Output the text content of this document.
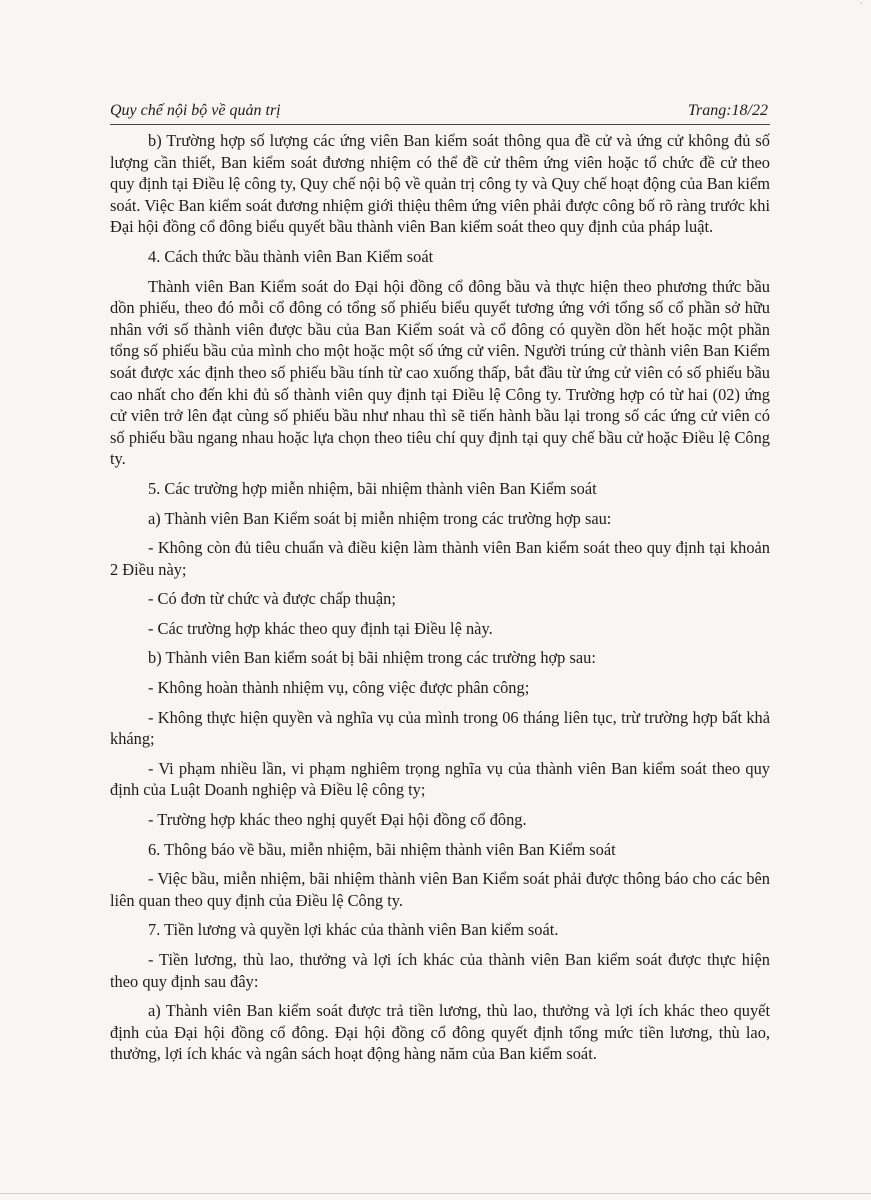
`
Quy chế nội bộ về quản trị	Trang:18/22

b) Trường hợp số lượng các ứng viên Ban kiểm soát thông qua đề cử và ứng cử không đủ số lượng cần thiết, Ban kiểm soát đương nhiệm có thể đề cử thêm ứng viên hoặc tổ chức đề cử theo quy định tại Điều lệ công ty, Quy chế nội bộ về quản trị công ty và Quy chế hoạt động của Ban kiểm soát. Việc Ban kiểm soát đương nhiệm giới thiệu thêm ứng viên phải được công bố rõ ràng trước khi Đại hội đồng cổ đông biểu quyết bầu thành viên Ban kiểm soát theo quy định của pháp luật.

4. Cách thức bầu thành viên Ban Kiểm soát

Thành viên Ban Kiểm soát do Đại hội đồng cổ đông bầu và thực hiện theo phương thức bầu dồn phiếu, theo đó mỗi cổ đông có tổng số phiếu biểu quyết tương ứng với tổng số cổ phần sở hữu nhân với số thành viên được bầu của Ban Kiểm soát và cổ đông có quyền dồn hết hoặc một phần tổng số phiếu bầu của mình cho một hoặc một số ứng cử viên. Người trúng cử thành viên Ban Kiểm soát được xác định theo số phiếu bầu tính từ cao xuống thấp, bắt đầu từ ứng cử viên có số phiếu bầu cao nhất cho đến khi đủ số thành viên quy định tại Điều lệ Công ty. Trường hợp có từ hai (02) ứng cử viên trở lên đạt cùng số phiếu bầu như nhau thì sẽ tiến hành bầu lại trong số các ứng cử viên có số phiếu bầu ngang nhau hoặc lựa chọn theo tiêu chí quy định tại quy chế bầu cử hoặc Điều lệ Công ty.

5. Các trường hợp miễn nhiệm, bãi nhiệm thành viên Ban Kiểm soát

a) Thành viên Ban Kiểm soát bị miễn nhiệm trong các trường hợp sau:

- Không còn đủ tiêu chuẩn và điều kiện làm thành viên Ban kiểm soát theo quy định tại khoản 2 Điều này;

- Có đơn từ chức và được chấp thuận;

- Các trường hợp khác theo quy định tại Điều lệ này.

b) Thành viên Ban kiểm soát bị bãi nhiệm trong các trường hợp sau:

- Không hoàn thành nhiệm vụ, công việc được phân công;

- Không thực hiện quyền và nghĩa vụ của mình trong 06 tháng liên tục, trừ trường hợp bất khả kháng;

- Vi phạm nhiều lần, vi phạm nghiêm trọng nghĩa vụ của thành viên Ban kiểm soát theo quy định của Luật Doanh nghiệp và Điều lệ công ty;

- Trường hợp khác theo nghị quyết Đại hội đồng cổ đông.

6. Thông báo về bầu, miễn nhiệm, bãi nhiệm thành viên Ban Kiểm soát

- Việc bầu, miễn nhiệm, bãi nhiệm thành viên Ban Kiểm soát phải được thông báo cho các bên liên quan theo quy định của Điều lệ Công ty.

7. Tiền lương và quyền lợi khác của thành viên Ban kiểm soát.

- Tiền lương, thù lao, thưởng và lợi ích khác của thành viên Ban kiểm soát được thực hiện theo quy định sau đây:

a) Thành viên Ban kiểm soát được trả tiền lương, thù lao, thưởng và lợi ích khác theo quyết định của Đại hội đồng cổ đông. Đại hội đồng cổ đông quyết định tổng mức tiền lương, thù lao, thưởng, lợi ích khác và ngân sách hoạt động hàng năm của Ban kiểm soát.
